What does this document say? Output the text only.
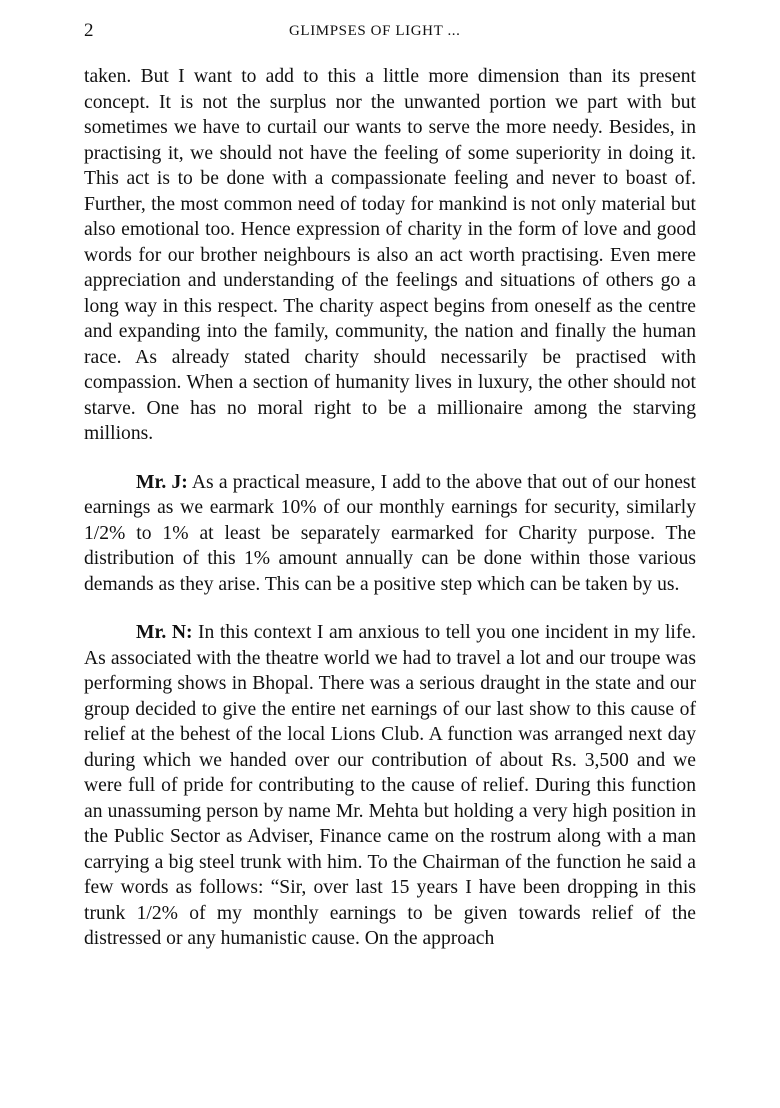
2	GLIMPSES OF LIGHT ...

taken. But I want to add to this a little more dimension than its present concept. It is not the surplus nor the unwanted portion we part with but sometimes we have to curtail our wants to serve the more needy. Besides, in practising it, we should not have the feeling of some superiority in doing it. This act is to be done with a compassionate feeling and never to boast of. Further, the most common need of today for mankind is not only material but also emotional too. Hence expression of charity in the form of love and good words for our brother neighbours is also an act worth practising. Even mere appreciation and understanding of the feelings and situations of others go a long way in this respect. The charity aspect begins from oneself as the centre and expanding into the family, community, the nation and finally the human race. As already stated charity should necessarily be practised with compassion. When a section of humanity lives in luxury, the other should not starve. One has no moral right to be a millionaire among the starving millions.

Mr. J: As a practical measure, I add to the above that out of our honest earnings as we earmark 10% of our monthly earnings for security, similarly 1/2% to 1% at least be separately earmarked for Charity purpose. The distribution of this 1% amount annually can be done within those various demands as they arise. This can be a positive step which can be taken by us.

Mr. N: In this context I am anxious to tell you one incident in my life. As associated with the theatre world we had to travel a lot and our troupe was performing shows in Bhopal. There was a serious draught in the state and our group decided to give the entire net earnings of our last show to this cause of relief at the behest of the local Lions Club. A function was arranged next day during which we handed over our contribution of about Rs. 3,500 and we were full of pride for contributing to the cause of relief. During this function an unassuming person by name Mr. Mehta but holding a very high position in the Public Sector as Adviser, Finance came on the rostrum along with a man carrying a big steel trunk with him. To the Chairman of the function he said a few words as follows: “Sir, over last 15 years I have been dropping in this trunk 1/2% of my monthly earnings to be given towards relief of the distressed or any humanistic cause. On the approach
